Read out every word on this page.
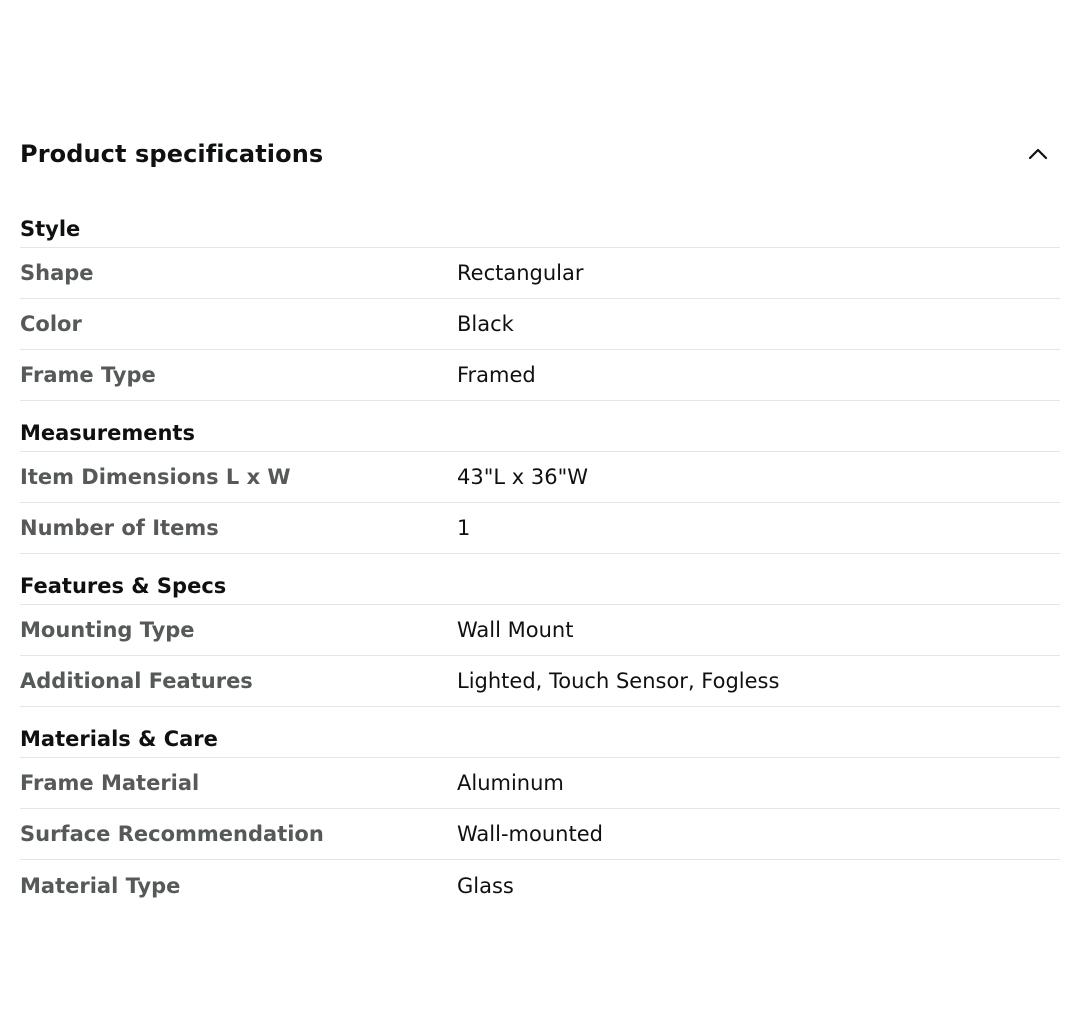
Product specifications
Style
Shape	Rectangular
Color	Black
Frame Type	Framed
Measurements
Item Dimensions L x W	43"L x 36"W
Number of Items	1
Features & Specs
Mounting Type	Wall Mount
Additional Features	Lighted, Touch Sensor, Fogless
Materials & Care
Frame Material	Aluminum
Surface Recommendation	Wall-mounted
Material Type	Glass
